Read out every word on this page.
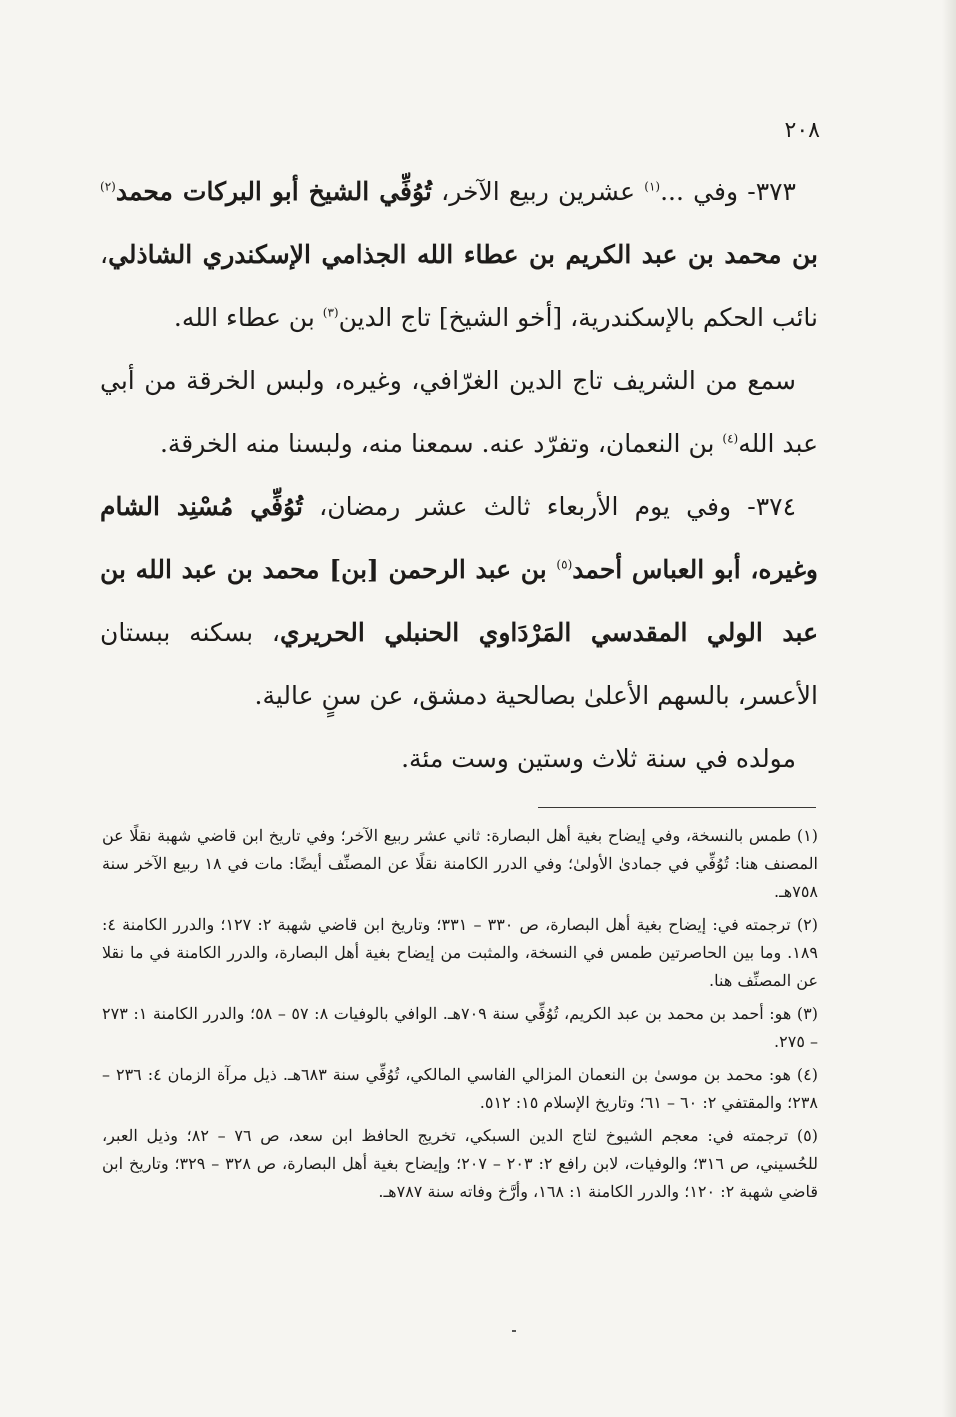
٢٠٨

٣٧٣- وفي ...$^{(١)}$ عشرين ربيع الآخر، تُوُفِّي الشيخ أبو البركات محمد$^{(٢)}$ بن محمد بن عبد الكريم بن عطاء الله الجذامي الإسكندري الشاذلي، نائب الحكم بالإسكندرية، [أخو الشيخ] تاج الدين$^{(٣)}$ بن عطاء الله.

سمع من الشريف تاج الدين الغرّافي، وغيره، ولبس الخرقة من أبي عبد الله$^{(٤)}$ بن النعمان، وتفرّد عنه. سمعنا منه، ولبسنا منه الخرقة.

٣٧٤- وفي يوم الأربعاء ثالث عشر رمضان، تُوُفِّي مُسْنِد الشام وغيره، أبو العباس أحمد$^{(٥)}$ بن عبد الرحمن [بن] محمد بن عبد الله بن عبد الولي المقدسي المَرْدَاوي الحنبلي الحريري، بسكنه ببستان الأعسر، بالسهم الأعلىٰ بصالحية دمشق، عن سنٍ عالية.

مولده في سنة ثلاث وستين وست مئة.

(١) طمس بالنسخة، وفي إيضاح بغية أهل البصارة: ثاني عشر ربيع الآخر؛ وفي تاريخ ابن قاضي شهبة نقلًا عن المصنف هنا: تُوُفِّي في جمادىٰ الأولىٰ؛ وفي الدرر الكامنة نقلًا عن المصنِّف أيضًا: مات في ١٨ ربيع الآخر سنة ٧٥٨هـ.

(٢) ترجمته في: إيضاح بغية أهل البصارة، ص ٣٣٠ – ٣٣١؛ وتاريخ ابن قاضي شهبة ٢: ١٢٧؛ والدرر الكامنة ٤: ١٨٩. وما بين الحاصرتين طمس في النسخة، والمثبت من إيضاح بغية أهل البصارة، والدرر الكامنة في ما نقلا عن المصنِّف هنا.

(٣) هو: أحمد بن محمد بن عبد الكريم، تُوُفِّي سنة ٧٠٩هـ. الوافي بالوفيات ٨: ٥٧ – ٥٨؛ والدرر الكامنة ١: ٢٧٣ – ٢٧٥.

(٤) هو: محمد بن موسىٰ بن النعمان المزالي الفاسي المالكي، تُوُفِّي سنة ٦٨٣هـ. ذيل مرآة الزمان ٤: ٢٣٦ – ٢٣٨؛ والمقتفي ٢: ٦٠ – ٦١؛ وتاريخ الإسلام ١٥: ٥١٢.

(٥) ترجمته في: معجم الشيوخ لتاج الدين السبكي، تخريج الحافظ ابن سعد، ص ٧٦ – ٨٢؛ وذيل العبر، للحُسيني، ص ٣١٦؛ والوفيات، لابن رافع ٢: ٢٠٣ – ٢٠٧؛ وإيضاح بغية أهل البصارة، ص ٣٢٨ – ٣٢٩؛ وتاريخ ابن قاضي شهبة ٢: ١٢٠؛ والدرر الكامنة ١: ١٦٨، وأرَّخ وفاته سنة ٧٨٧هـ.
